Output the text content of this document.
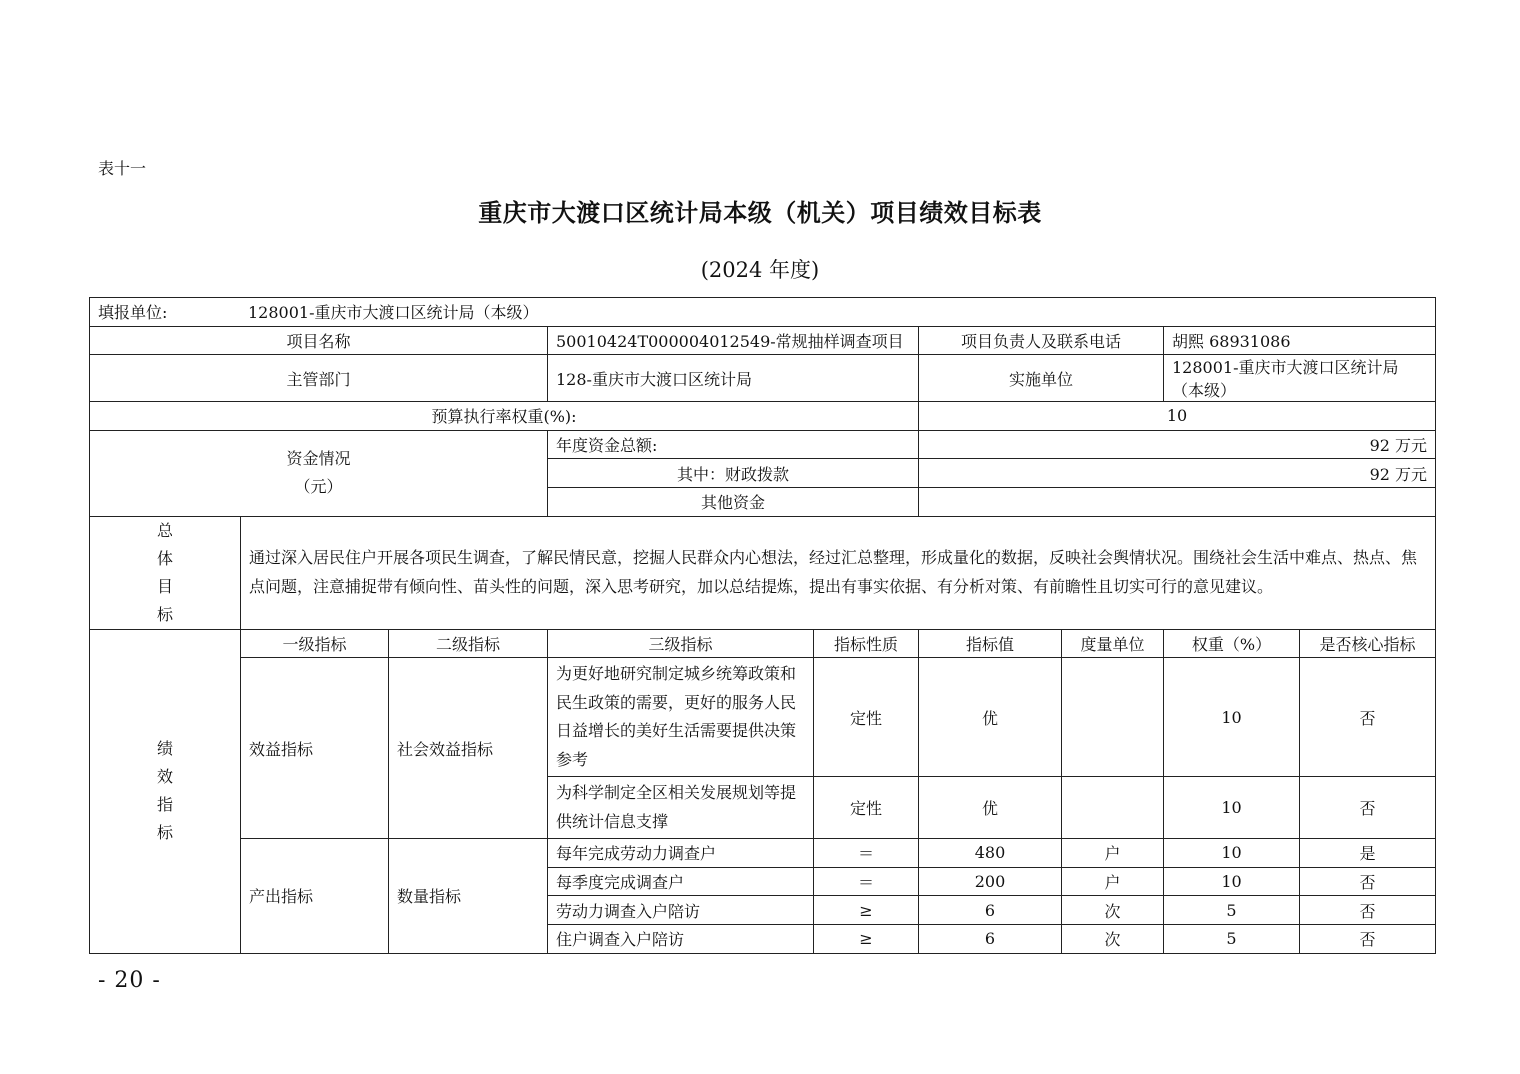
表十一
重庆市大渡口区统计局本级（机关）项目绩效目标表
(2024 年度)
填报单位: 128001-重庆市大渡口区统计局（本级）								
项目名称			50010424T000004012549-常规抽样调查项目		项目负责人及联系电话		胡熙 68931086	
主管部门			128-重庆市大渡口区统计局		实施单位		128001-重庆市大渡口区统计局（本级）	
预算执行率权重(%):					10			

资金情况
（元）			年度资金总额:		92 万元			
			其中：财政拨款		92 万元			
			其他资金					

总
体
目
标	通过深入居民住户开展各项民生调查，了解民情民意，挖掘人民群众内心想法，经过汇总整理，形成量化的数据，反映社会舆情状况。围绕社会生活中难点、热点、焦点问题，注意捕捉带有倾向性、苗头性的问题，深入思考研究，加以总结提炼，提出有事实依据、有分析对策、有前瞻性且切实可行的意见建议。							

绩
效
指
标	一级指标	二级指标	三级指标	指标性质	指标值	度量单位	权重（%）	是否核心指标
	效益指标	社会效益指标	为更好地研究制定城乡统筹政策和民生政策的需要，更好的服务人民日益增长的美好生活需要提供决策参考	定性	优		10	否
			为科学制定全区相关发展规划等提供统计信息支撑	定性	优		10	否
	产出指标	数量指标	每年完成劳动力调查户	＝	480	户	10	是
			每季度完成调查户	＝	200	户	10	否
			劳动力调查入户陪访	≥	6	次	5	否
			住户调查入户陪访	≥	6	次	5	否
- 20 -
